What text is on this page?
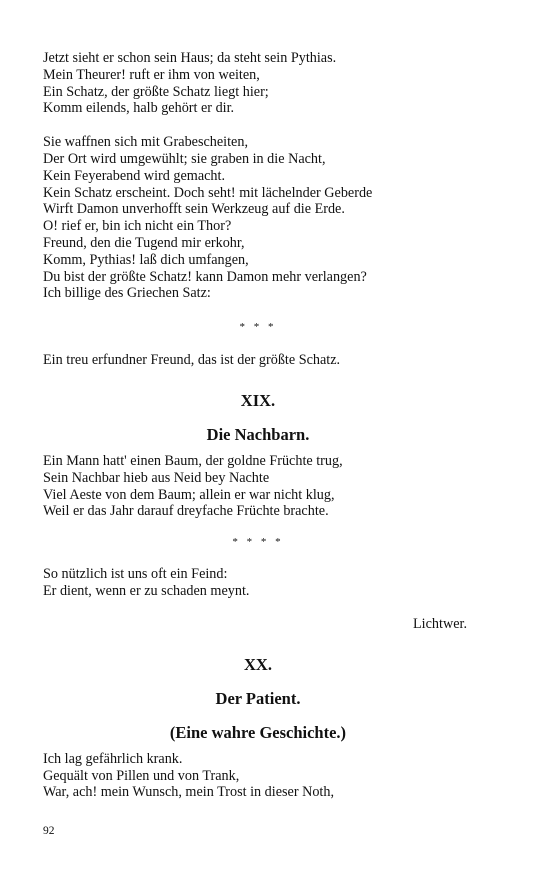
Jetzt sieht er schon sein Haus; da steht sein Pythias.
Mein Theurer! ruft er ihm von weiten,
Ein Schatz, der größte Schatz liegt hier;
Komm eilends, halb gehört er dir.
Sie waffnen sich mit Grabescheiten,
Der Ort wird umgewühlt; sie graben in die Nacht,
Kein Feyerabend wird gemacht.
Kein Schatz erscheint. Doch seht! mit lächelnder Geberde
Wirft Damon unverhofft sein Werkzeug auf die Erde.
O! rief er, bin ich nicht ein Thor?
Freund, den die Tugend mir erkohr,
Komm, Pythias! laß dich umfangen,
Du bist der größte Schatz! kann Damon mehr verlangen?
Ich billige des Griechen Satz:
* * *
Ein treu erfundner Freund, das ist der größte Schatz.
XIX.
Die Nachbarn.
Ein Mann hatt' einen Baum, der goldne Früchte trug,
Sein Nachbar hieb aus Neid bey Nachte
Viel Aeste von dem Baum; allein er war nicht klug,
Weil er das Jahr darauf dreyfache Früchte brachte.
* * * *
So nützlich ist uns oft ein Feind:
Er dient, wenn er zu schaden meynt.
Lichtwer.
XX.
Der Patient.
(Eine wahre Geschichte.)
Ich lag gefährlich krank.
Gequält von Pillen und von Trank,
War, ach! mein Wunsch, mein Trost in dieser Noth,
92
